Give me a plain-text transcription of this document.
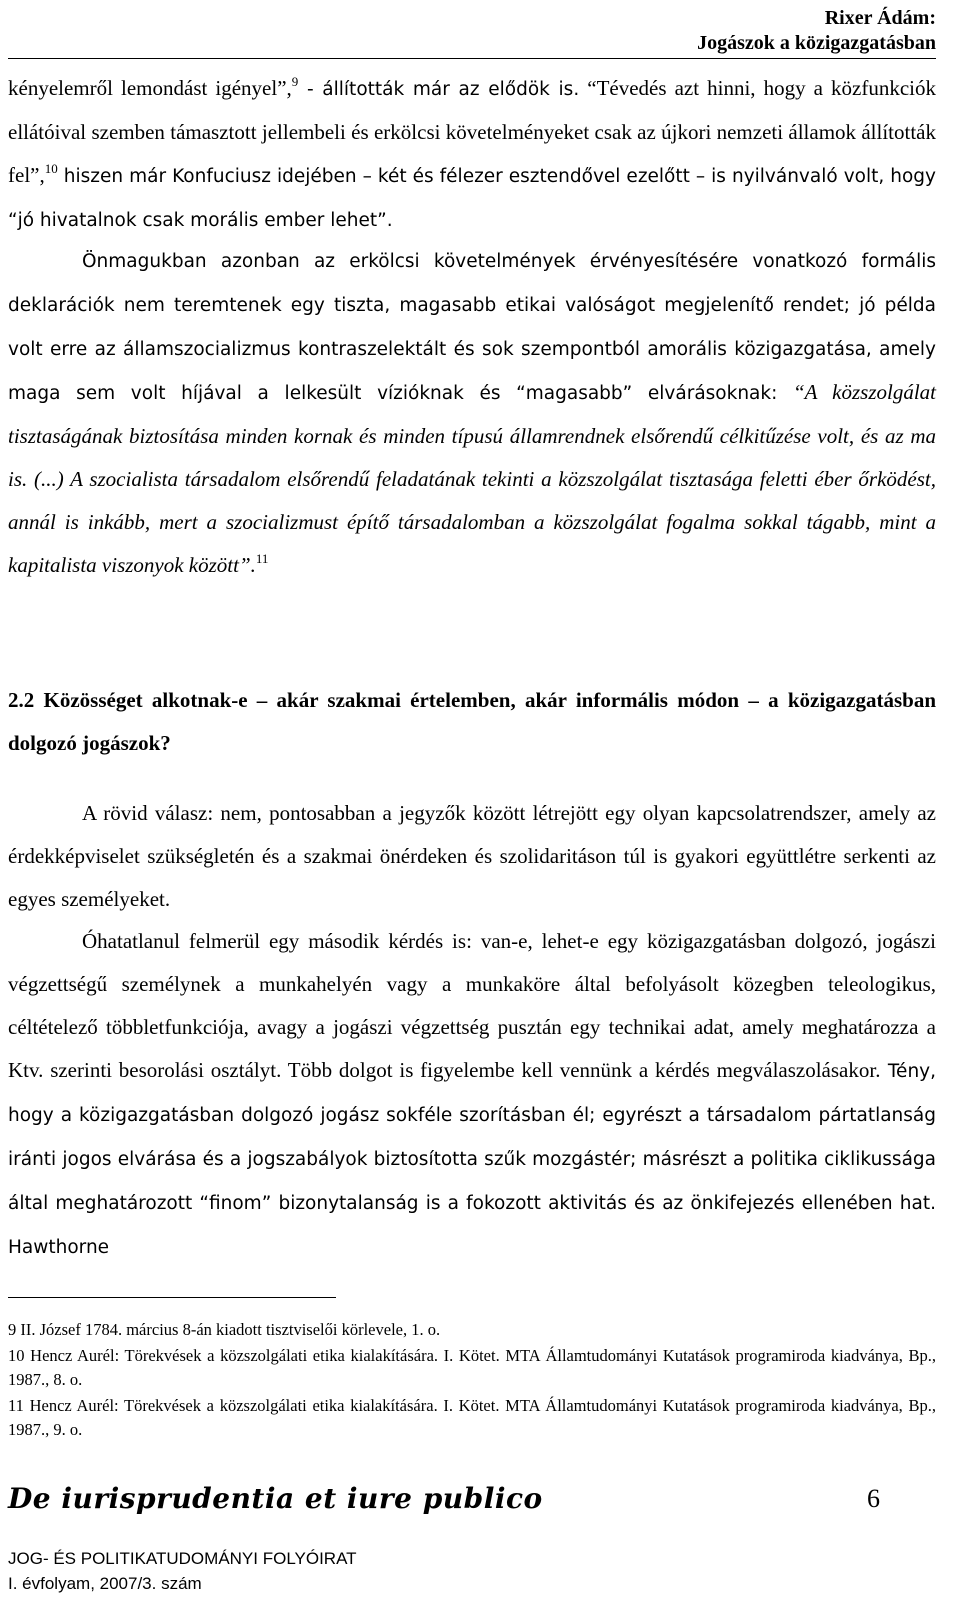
Rixer Ádám:
Jogászok a közigazgatásban

kényelemről lemondást igényel”,$^9$ - állították már az elődök is. “Tévedés azt hinni, hogy a közfunkciók ellátóival szemben támasztott jellembeli és erkölcsi követelményeket csak az újkori nemzeti államok állították fel”,$^{10}$ hiszen már Konfuciusz idejében – két és félezer esztendővel ezelőtt – is nyilvánvaló volt, hogy “jó hivatalnok csak morális ember lehet”.

Önmagukban azonban az erkölcsi követelmények érvényesítésére vonatkozó formális deklarációk nem teremtenek egy tiszta, magasabb etikai valóságot megjelenítő rendet; jó példa volt erre az államszocializmus kontraszelektált és sok szempontból amorális közigazgatása, amely maga sem volt híjával a lelkesült vízióknak és “magasabb” elvárásoknak: “A közszolgálat tisztaságának biztosítása minden kornak és minden típusú államrendnek elsőrendű célkitűzése volt, és az ma is. (...) A szocialista társadalom elsőrendű feladatának tekinti a közszolgálat tisztasága feletti éber őrködést, annál is inkább, mert a szocializmust építő társadalomban a közszolgálat fogalma sokkal tágabb, mint a kapitalista viszonyok között”.$^{11}$

2.2 Közösséget alkotnak-e – akár szakmai értelemben, akár informális módon – a közigazgatásban dolgozó jogászok?

A rövid válasz: nem, pontosabban a jegyzők között létrejött egy olyan kapcsolatrendszer, amely az érdekképviselet szükségletén és a szakmai önérdeken és szolidaritáson túl is gyakori együttlétre serkenti az egyes személyeket.

Óhatatlanul felmerül egy második kérdés is: van-e, lehet-e egy közigazgatásban dolgozó, jogászi végzettségű személynek a munkahelyén vagy a munkaköre által befolyásolt közegben teleologikus, céltételező többletfunkciója, avagy a jogászi végzettség pusztán egy technikai adat, amely meghatározza a Ktv. szerinti besorolási osztályt. Több dolgot is figyelembe kell vennünk a kérdés megválaszolásakor. Tény, hogy a közigazgatásban dolgozó jogász sokféle szorításban él; egyrészt a társadalom pártatlanság iránti jogos elvárása és a jogszabályok biztosította szűk mozgástér; másrészt a politika ciklikussága által meghatározott “finom” bizonytalanság is a fokozott aktivitás és az önkifejezés ellenében hat. Hawthorne

9 II. József 1784. március 8-án kiadott tisztviselői körlevele, 1. o.

10 Hencz Aurél: Törekvések a közszolgálati etika kialakítására. I. Kötet. MTA Államtudományi Kutatások programiroda kiadványa, Bp., 1987., 8. o.

11 Hencz Aurél: Törekvések a közszolgálati etika kialakítására. I. Kötet. MTA Államtudományi Kutatások programiroda kiadványa, Bp., 1987., 9. o.

De iurisprudentia et iure publico	6
JOG- ÉS POLITIKATUDOMÁNYI FOLYÓIRAT
I. évfolyam, 2007/3. szám
